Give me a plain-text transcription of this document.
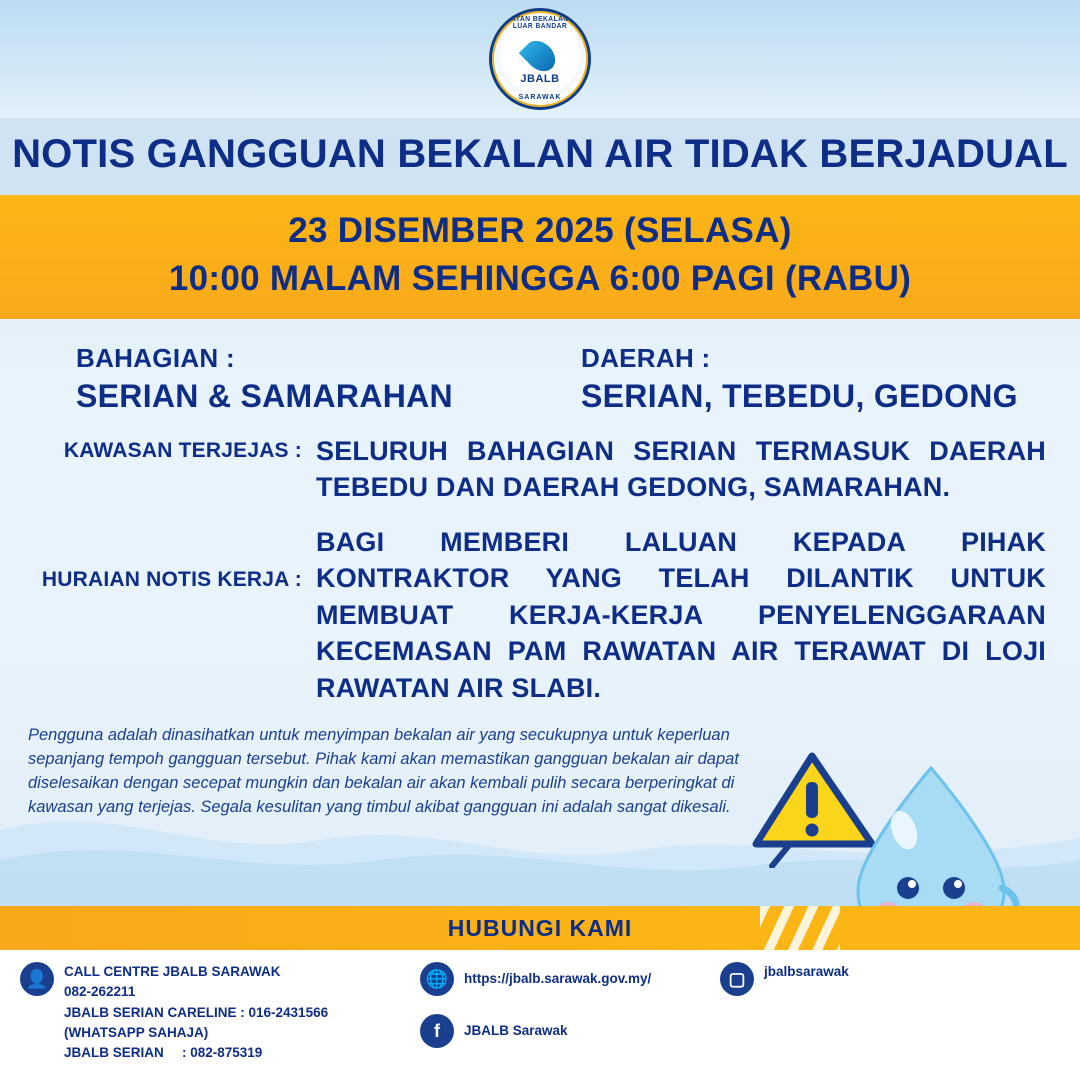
JABATAN BEKALAN AIR LUAR BANDAR
JBALB
SARAWAK
NOTIS GANGGUAN BEKALAN AIR TIDAK BERJADUAL
23 DISEMBER 2025 (SELASA)
10:00 MALAM SEHINGGA 6:00 PAGI (RABU)
BAHAGIAN :
SERIAN & SAMARAHAN
DAERAH :
SERIAN, TEBEDU, GEDONG
KAWASAN TERJEJAS : SELURUH BAHAGIAN SERIAN TERMASUK DAERAH TEBEDU DAN DAERAH GEDONG, SAMARAHAN.
HURAIAN NOTIS KERJA :
BAGI MEMBERI LALUAN KEPADA PIHAK KONTRAKTOR YANG TELAH DILANTIK UNTUK MEMBUAT KERJA-KERJA PENYELENGGARAAN KECEMASAN PAM RAWATAN AIR TERAWAT DI LOJI RAWATAN AIR SLABI.
Pengguna adalah dinasihatkan untuk menyimpan bekalan air yang secukupnya untuk keperluan sepanjang tempoh gangguan tersebut. Pihak kami akan memastikan gangguan bekalan air dapat diselesaikan dengan secepat mungkin dan bekalan air akan kembali pulih secara berperingkat di kawasan yang terjejas. Segala kesulitan yang timbul akibat gangguan ini adalah sangat dikesali.
HUBUNGI KAMI
👤	CALL CENTRE JBALB SARAWAK
082-262211
JBALB SERIAN CARELINE : 016-2431566
(WHATSAPP SAHAJA)
JBALB SERIAN	: 082-875319
🌐	https://jbalb.sarawak.gov.my/
f	JBALB Sarawak
▢	jbalbsarawak
